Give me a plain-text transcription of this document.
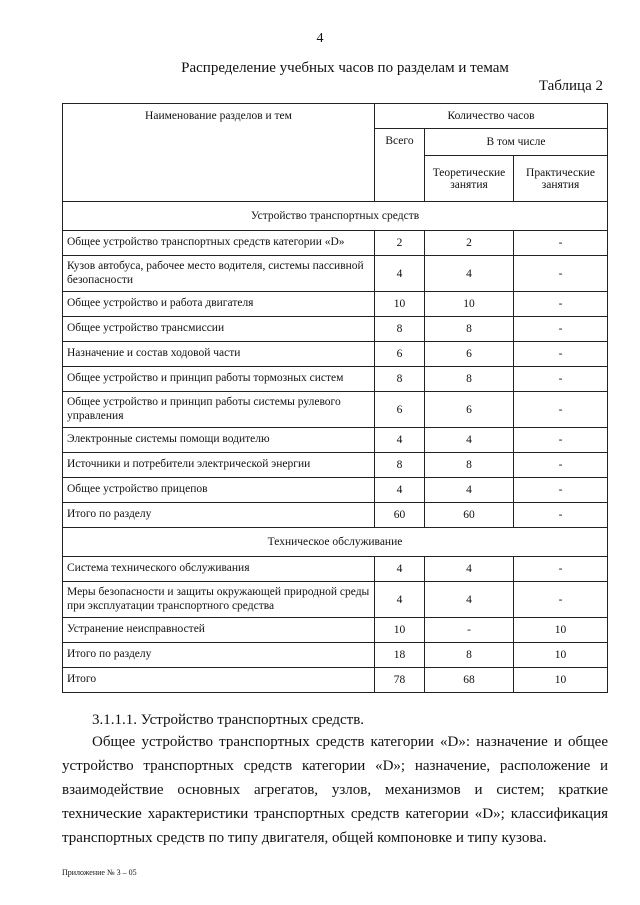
4
Распределение учебных часов по разделам и темам
Таблица 2
Наименование разделов и тем	Количество часов		
	Всего	В том числе	
		Теоретические занятия	Практические занятия
Устройство транспортных средств			
Общее устройство транспортных средств категории «D»	2	2	-
Кузов автобуса, рабочее место водителя, системы пассивной безопасности	4	4	-
Общее устройство и работа двигателя	10	10	-
Общее устройство трансмиссии	8	8	-
Назначение и состав ходовой части	6	6	-
Общее устройство и принцип работы тормозных систем	8	8	-
Общее устройство и принцип работы системы рулевого управления	6	6	-
Электронные системы помощи водителю	4	4	-
Источники и потребители электрической энергии	8	8	-
Общее устройство прицепов	4	4	-
Итого по разделу	60	60	-
Техническое обслуживание			
Система технического обслуживания	4	4	-
Меры безопасности и защиты окружающей природной среды при эксплуатации транспортного средства	4	4	-
Устранение неисправностей	10	-	10
Итого по разделу	18	8	10
Итого	78	68	10
3.1.1.1. Устройство транспортных средств.
Общее устройство транспортных средств категории «D»: назначение и общее устройство транспортных средств категории «D»; назначение, расположение и взаимодействие основных агрегатов, узлов, механизмов и систем; краткие технические характеристики транспортных средств категории «D»; классификация транспортных средств по типу двигателя, общей компоновке и типу кузова.
Приложение № 3 – 05
